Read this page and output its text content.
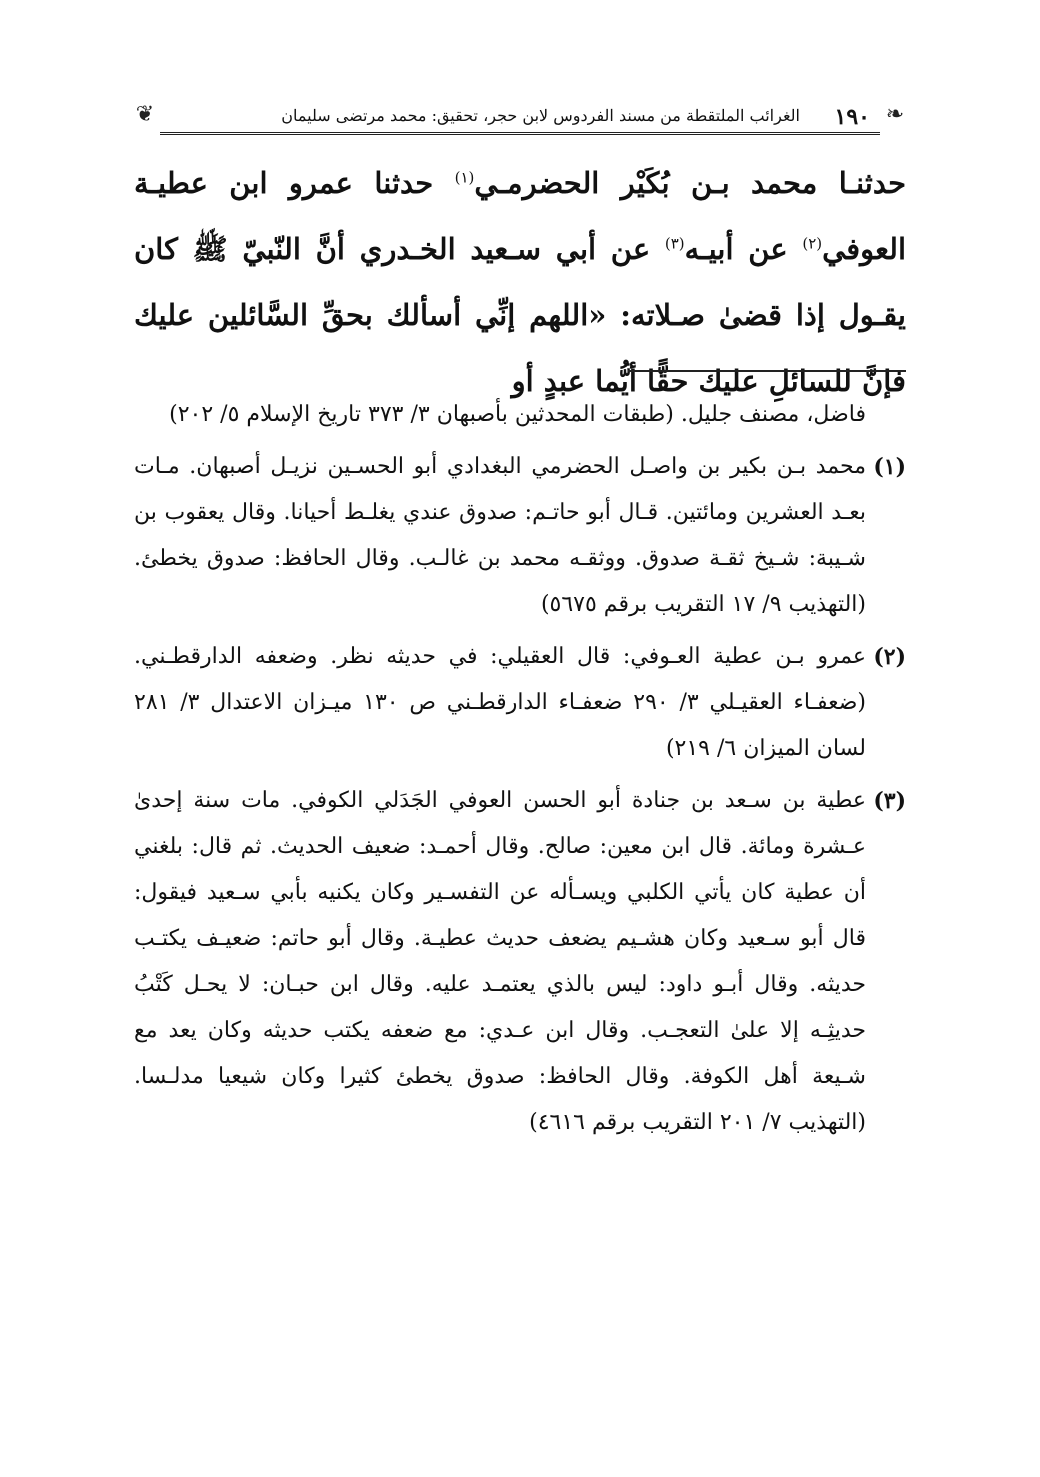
❦	الغرائب الملتقطة من مسند الفردوس لابن حجر، تحقيق: محمد مرتضى سليمان ١٩٠ ❧

حدثنـا محمد بـن بُكَيْر الحضرمـي$^{(١)}$ حدثنا عمرو ابن عطيـة العوفي$^{(٢)}$ عن أبيـه$^{(٣)}$ عن أبي سـعيد الخـدري أنَّ النّبيّ ﷺ كان يقـول إذا قضىٰ صـلاته: «اللهم إنِّي أسألك بحقِّ السَّائلين عليك فإنَّ للسائلِ عليك حقًّا أيُّما عبدٍ أو

فاضل، مصنف جليل. (طبقات المحدثين بأصبهان ٣/ ٣٧٣ تاريخ الإسلام ٥/ ٢٠٢)

(١)

محمد بـن بكير بن واصـل الحضرمي البغدادي أبو الحسـين نزيـل أصبهان. مـات بعـد العشرين ومائتين. قـال أبو حاتـم: صدوق عندي يغلـط أحيانا. وقال يعقوب بن شـيبة: شـيخ ثقـة صدوق. ووثقـه محمد بن غالـب. وقال الحافظ: صدوق يخطئ. (التهذيب ٩/ ١٧ التقريب برقم ٥٦٧٥)

(٢)

عمرو بـن عطية العـوفي: قال العقيلي: في حديثه نظر. وضعفه الدارقطـني. (ضعفـاء العقيـلي ٣/ ٢٩٠ ضعفـاء الدارقطـني ص ١٣٠ ميـزان الاعتدال ٣/ ٢٨١ لسان الميزان ٦/ ٢١٩)

(٣)

عطية بن سـعد بن جنادة أبو الحسن العوفي الجَدَلي الكوفي. مات سنة إحدىٰ عـشرة ومائة. قال ابن معين: صالح. وقال أحمـد: ضعيف الحديث. ثم قال: بلغني أن عطية كان يأتي الكلبي ويسـأله عن التفسـير وكان يكنيه بأبي سـعيد فيقول: قال أبو سـعيد وكان هشـيم يضعف حديث عطيـة. وقال أبو حاتم: ضعيـف يكتـب حديثه. وقال أبـو داود: ليس بالذي يعتمـد عليه. وقال ابن حبـان: لا يحـل كَتْبُ حديثِـه إلا علىٰ التعجـب. وقال ابن عـدي: مع ضعفه يكتب حديثه وكان يعد مع شـيعة أهل الكوفة. وقال الحافظ: صدوق يخطئ كثيرا وكان شيعيا مدلـسا. (التهذيب ٧/ ٢٠١ التقريب برقم ٤٦١٦)
